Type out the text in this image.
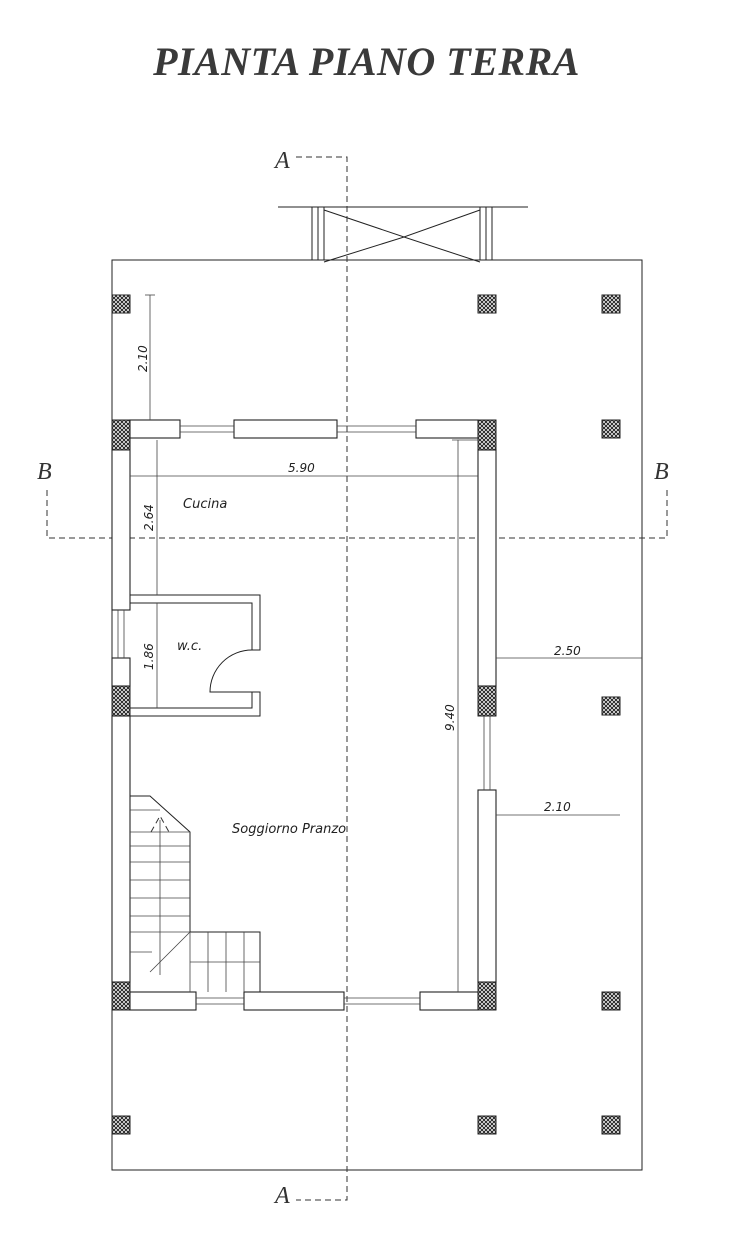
PIANTA PIANO TERRA
A
A
B	B
2.10
5.90
2.64
1.86
9.40
2.50
2.10
Cucina
w.c.
Soggiorno Pranzo
